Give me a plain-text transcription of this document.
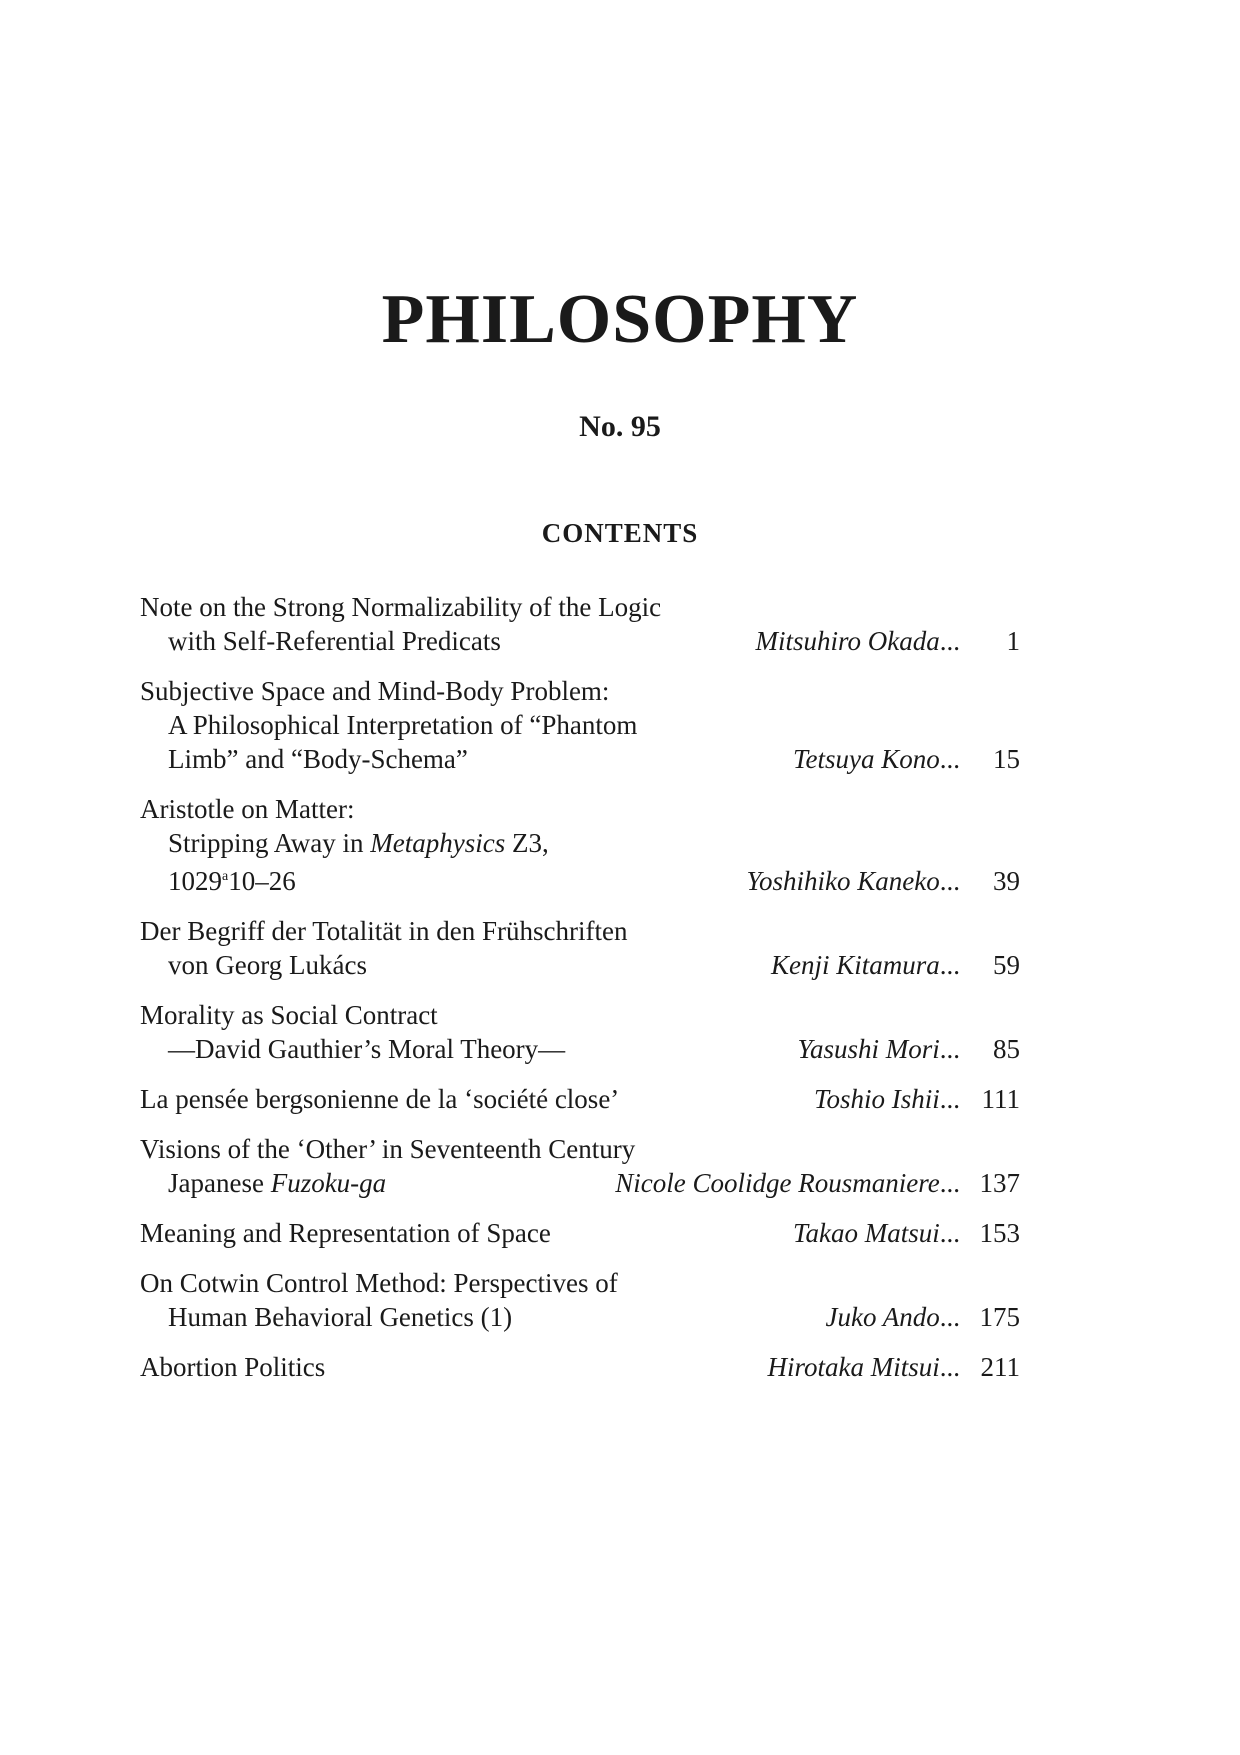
PHILOSOPHY
No. 95
CONTENTS
Note on the Strong Normalizability of the Logic
with Self-Referential Predicats	Mitsuhiro Okada...	1
Subjective Space and Mind-Body Problem:
A Philosophical Interpretation of “Phantom
Limb” and “Body-Schema”	Tetsuya Kono...	15
Aristotle on Matter:
Stripping Away in Metaphysics Z3,
1029$^a$10–26	Yoshihiko Kaneko...	39
Der Begriff der Totalität in den Frühschriften
von Georg Lukács	Kenji Kitamura...	59
Morality as Social Contract
—David Gauthier’s Moral Theory—	Yasushi Mori...	85
La pensée bergsonienne de la ‘société close’	Toshio Ishii... 111
Visions of the ‘Other’ in Seventeenth Century
Japanese Fuzoku-ga	Nicole Coolidge Rousmaniere... 137
Meaning and Representation of Space	Takao Matsui... 153
On Cotwin Control Method: Perspectives of
Human Behavioral Genetics (1)	Juko Ando... 175
Abortion Politics	Hirotaka Mitsui... 211
